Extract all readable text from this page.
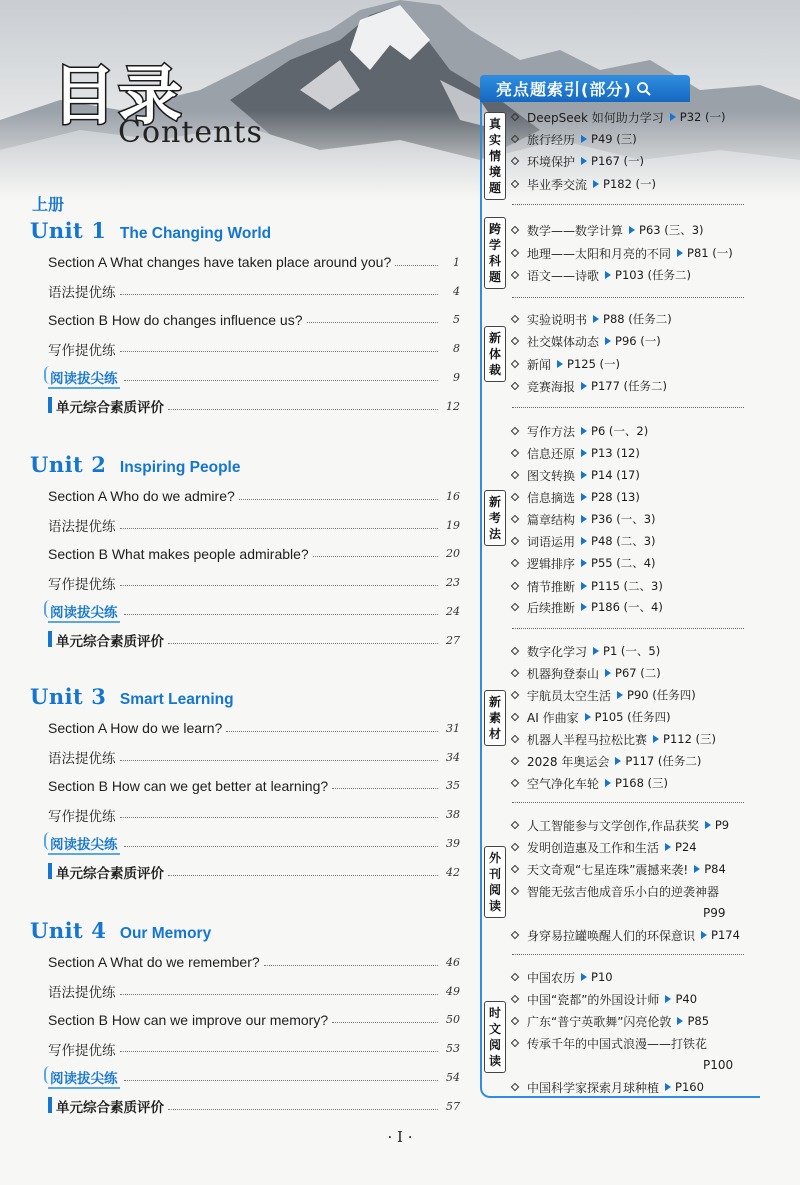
目录
Contents
上册
Unit 1 The Changing World
Section A What changes have taken place around you?	1
语法提优练	4
Section B How do changes influence us?	5
写作提优练	8
阅读拔尖练	9
单元综合素质评价	12
Unit 2 Inspiring People
Section A Who do we admire?	16
语法提优练	19
Section B What makes people admirable?	20
写作提优练	23
阅读拔尖练	24
单元综合素质评价	27
Unit 3 Smart Learning
Section A How do we learn?	31
语法提优练	34
Section B How can we get better at learning?	35
写作提优练	38
阅读拔尖练	39
单元综合素质评价	42
Unit 4 Our Memory
Section A What do we remember?	46
语法提优练	49
Section B How can we improve our memory?	50
写作提优练	53
阅读拔尖练	54
单元综合素质评价	57
亮点题索引(部分)
真实情境题
DeepSeek 如何助力学习 P32 (一)
旅行经历 P49 (三)
环境保护 P167 (一)
毕业季交流 P182 (一)
跨学科题
数学——数学计算 P63 (三、3)
地理——太阳和月亮的不同 P81 (一)
语文——诗歌 P103 (任务二)
新体裁
实验说明书 P88 (任务二)
社交媒体动态 P96 (一)
新闻 P125 (一)
竞赛海报 P177 (任务二)
新考法
写作方法 P6 (一、2)
信息还原 P13 (12)
图文转换 P14 (17)
信息摘选 P28 (13)
篇章结构 P36 (一、3)
词语运用 P48 (二、3)
逻辑排序 P55 (二、4)
情节推断 P115 (二、3)
后续推断 P186 (一、4)
新素材
数字化学习 P1 (一、5)
机器狗登泰山 P67 (二)
宇航员太空生活 P90 (任务四)
AI 作曲家 P105 (任务四)
机器人半程马拉松比赛 P112 (三)
2028 年奥运会 P117 (任务二)
空气净化车轮 P168 (三)
外刊阅读
人工智能参与文学创作,作品获奖 P9
发明创造惠及工作和生活 P24
天文奇观“七星连珠”震撼来袭! P84
智能无弦吉他成音乐小白的逆袭神器
P99
身穿易拉罐唤醒人们的环保意识 P174
时文阅读
中国农历 P10
中国“瓷都”的外国设计师 P40
广东“普宁英歌舞”闪亮伦敦 P85
传承千年的中国式浪漫——打铁花
P100
中国科学家探索月球种植 P160
· I ·
